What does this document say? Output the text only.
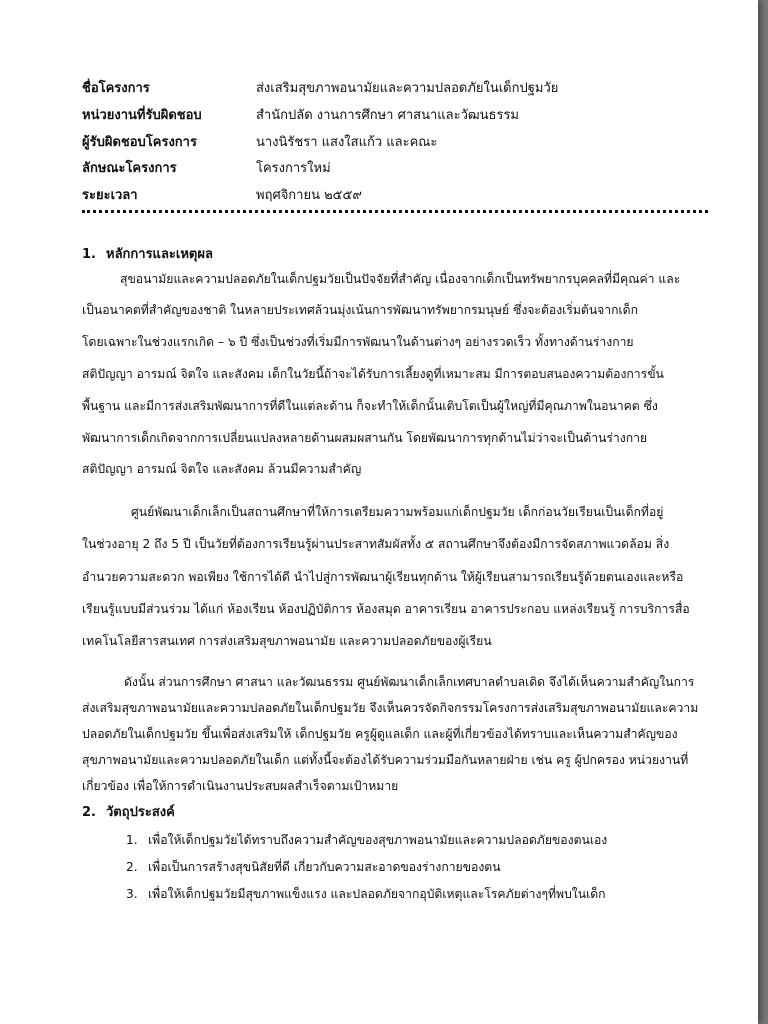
ชื่อโครงการ	ส่งเสริมสุขภาพอนามัยและความปลอดภัยในเด็กปฐมวัย
หน่วยงานที่รับผิดชอบ	สำนักปลัด งานการศึกษา ศาสนาและวัฒนธรรม
ผู้รับผิดชอบโครงการ	นางนิรัชรา แสงใสแก้ว และคณะ
ลักษณะโครงการ	โครงการใหม่
ระยะเวลา	พฤศจิกายน ๒๕๕๙
1. หลักการและเหตุผล
สุขอนามัยและความปลอดภัยในเด็กปฐมวัยเป็นปัจจัยที่สำคัญ เนื่องจากเด็กเป็นทรัพยากรบุคคลที่มีคุณค่า และ
เป็นอนาคตที่สำคัญของชาติ ในหลายประเทศล้วนมุ่งเน้นการพัฒนาทรัพยากรมนุษย์ ซึ่งจะต้องเริ่มต้นจากเด็ก
โดยเฉพาะในช่วงแรกเกิด – ๖ ปี ซึ่งเป็นช่วงที่เริ่มมีการพัฒนาในด้านต่างๆ อย่างรวดเร็ว ทั้งทางด้านร่างกาย
สติปัญญา อารมณ์ จิตใจ และสังคม เด็กในวัยนี้ถ้าจะได้รับการเลี้ยงดูที่เหมาะสม มีการตอบสนองความต้องการขั้น
พื้นฐาน และมีการส่งเสริมพัฒนาการที่ดีในแต่ละด้าน ก็จะทำให้เด็กนั้นเติบโตเป็นผู้ใหญ่ที่มีคุณภาพในอนาคต ซึ่ง
พัฒนาการเด็กเกิดจากการเปลี่ยนแปลงหลายด้านผสมผสานกัน โดยพัฒนาการทุกด้านไม่ว่าจะเป็นด้านร่างกาย
สติปัญญา อารมณ์ จิตใจ และสังคม ล้วนมีความสำคัญ
ศูนย์พัฒนาเด็กเล็กเป็นสถานศึกษาที่ให้การเตรียมความพร้อมแก่เด็กปฐมวัย เด็กก่อนวัยเรียนเป็นเด็กที่อยู่
ในช่วงอายุ 2 ถึง 5 ปี เป็นวัยที่ต้องการเรียนรู้ผ่านประสาทสัมผัสทั้ง ๕ สถานศึกษาจึงต้องมีการจัดสภาพแวดล้อม สิ่ง
อำนวยความสะดวก พอเพียง ใช้การได้ดี นำไปสู่การพัฒนาผู้เรียนทุกด้าน ให้ผู้เรียนสามารถเรียนรู้ด้วยตนเองและหรือ
เรียนรู้แบบมีส่วนร่วม ได้แก่ ห้องเรียน ห้องปฏิบัติการ ห้องสมุด อาคารเรียน อาคารประกอบ แหล่งเรียนรู้ การบริการสื่อ
เทคโนโลยีสารสนเทศ การส่งเสริมสุขภาพอนามัย และความปลอดภัยของผู้เรียน
ดังนั้น ส่วนการศึกษา ศาสนา และวัฒนธรรม ศูนย์พัฒนาเด็กเล็กเทศบาลตำบลเดิด จึงได้เห็นความสำคัญในการ
ส่งเสริมสุขภาพอนามัยและความปลอดภัยในเด็กปฐมวัย จึงเห็นควรจัดกิจกรรมโครงการส่งเสริมสุขภาพอนามัยและความ
ปลอดภัยในเด็กปฐมวัย ขึ้นเพื่อส่งเสริมให้ เด็กปฐมวัย ครูผู้ดูแลเด็ก และผู้ที่เกี่ยวข้องได้ทราบและเห็นความสำคัญของ
สุขภาพอนามัยและความปลอดภัยในเด็ก แต่ทั้งนี้จะต้องได้รับความร่วมมือกันหลายฝ่าย เช่น ครู ผู้ปกครอง หน่วยงานที่
เกี่ยวข้อง เพื่อให้การดำเนินงานประสบผลสำเร็จตามเป้าหมาย
2. วัตถุประสงค์
1. เพื่อให้เด็กปฐมวัยได้ทราบถึงความสำคัญของสุขภาพอนามัยและความปลอดภัยของตนเอง
2. เพื่อเป็นการสร้างสุขนิสัยที่ดี เกี่ยวกับความสะอาดของร่างกายของตน
3. เพื่อให้เด็กปฐมวัยมีสุขภาพแข็งแรง และปลอดภัยจากอุบัติเหตุและโรคภัยต่างๆที่พบในเด็ก
